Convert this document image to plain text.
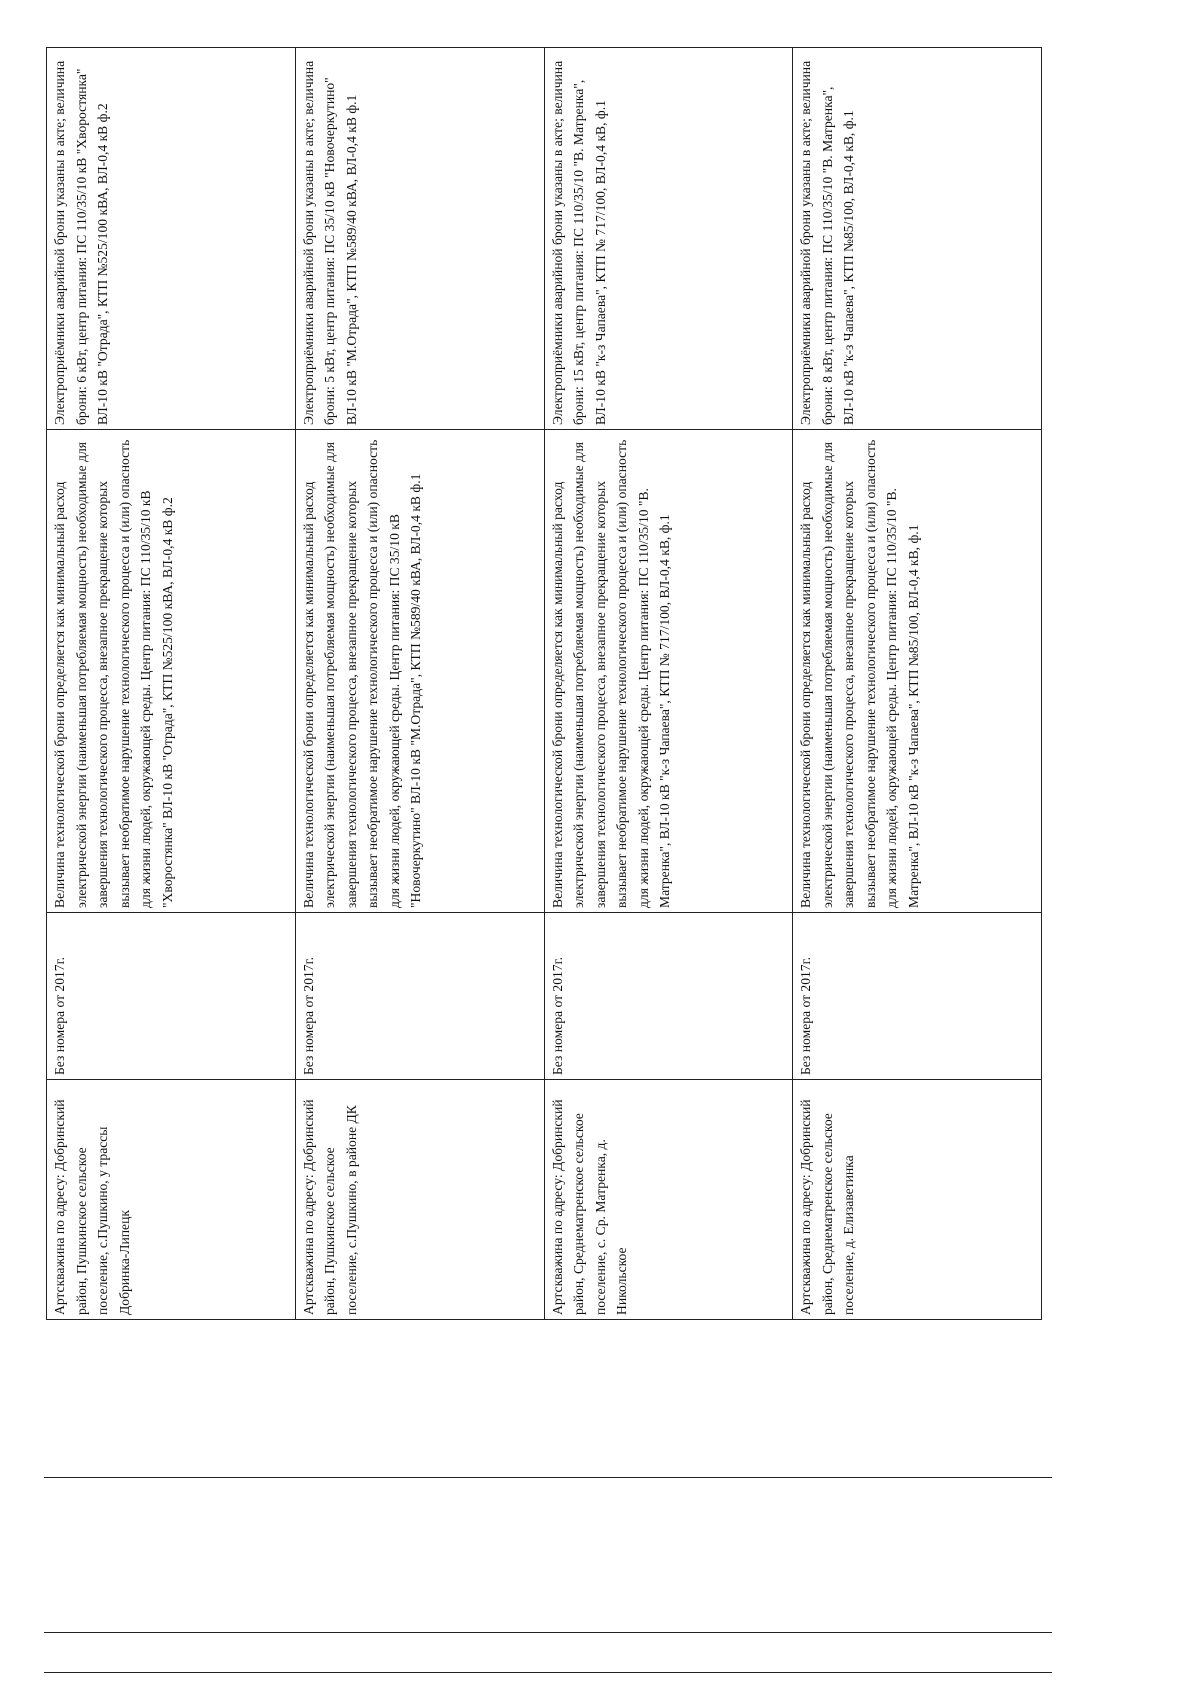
Артскважина по адресу: Добринский район, Пушкинское сельское поселение, с.Пушкино, у трассы Добринка-Липецк	Без номера от 2017г.	Величина технологической брони определяется как минимальный расход электрической энергии (наименьшая потребляемая мощность) необходимые для завершения технологического процесса, внезапное прекращение которых вызывает необратимое нарушение технологического процесса и (или) опасность для жизни людей, окружающей среды. Центр питания: ПС 110/35/10 кВ "Хворостянка" ВЛ-10 кВ "Отрада", КТП №525/100 кВА, ВЛ-0,4 кВ ф.2	Электроприёмники аварийной брони указаны в акте; величина брони: 6 кВт, центр питания: ПС 110/35/10 кВ "Хворостянка" ВЛ-10 кВ "Отрада", КТП №525/100 кВА, ВЛ-0,4 кВ ф.2

Артскважина по адресу: Добринский район, Пушкинское сельское поселение, с.Пушкино, в районе ДК	Без номера от 2017г.	Величина технологической брони определяется как минимальный расход электрической энергии (наименьшая потребляемая мощность) необходимые для завершения технологического процесса, внезапное прекращение которых вызывает необратимое нарушение технологического процесса и (или) опасность для жизни людей, окружающей среды. Центр питания: ПС 35/10 кВ "Новочеркутино" ВЛ-10 кВ "М.Отрада", КТП №589/40 кВА, ВЛ-0,4 кВ ф.1	Электроприёмники аварийной брони указаны в акте; величина брони: 5 кВт, центр питания: ПС 35/10 кВ "Новочеркутино" ВЛ-10 кВ "М.Отрада", КТП №589/40 кВА, ВЛ-0,4 кВ ф.1

Артскважина по адресу: Добринский район, Среднематренское сельское поселение, с. Ср. Матренка, д. Никольское	Без номера от 2017г.	Величина технологической брони определяется как минимальный расход электрической энергии (наименьшая потребляемая мощность) необходимые для завершения технологического процесса, внезапное прекращение которых вызывает необратимое нарушение технологического процесса и (или) опасность для жизни людей, окружающей среды. Центр питания: ПС 110/35/10 "В. Матренка", ВЛ-10 кВ "к-з Чапаева", КТП № 717/100, ВЛ-0,4 кВ, ф.1	Электроприёмники аварийной брони указаны в акте; величина брони: 15 кВт, центр питания: ПС 110/35/10 "В. Матренка", ВЛ-10 кВ "к-з Чапаева", КТП № 717/100, ВЛ-0,4 кВ, ф.1

Артскважина по адресу: Добринский район, Среднематренское сельское поселение, д. Елизаветинка	Без номера от 2017г.	Величина технологической брони определяется как минимальный расход электрической энергии (наименьшая потребляемая мощность) необходимые для завершения технологического процесса, внезапное прекращение которых вызывает необратимое нарушение технологического процесса и (или) опасность для жизни людей, окружающей среды. Центр питания: ПС 110/35/10 "В. Матренка", ВЛ-10 кВ "к-з Чапаева", КТП №85/100, ВЛ-0,4 кВ, ф.1	Электроприёмники аварийной брони указаны в акте; величина брони: 8 кВт, центр питания: ПС 110/35/10 "В. Матренка", ВЛ-10 кВ "к-з Чапаева", КТП №85/100, ВЛ-0,4 кВ, ф.1
